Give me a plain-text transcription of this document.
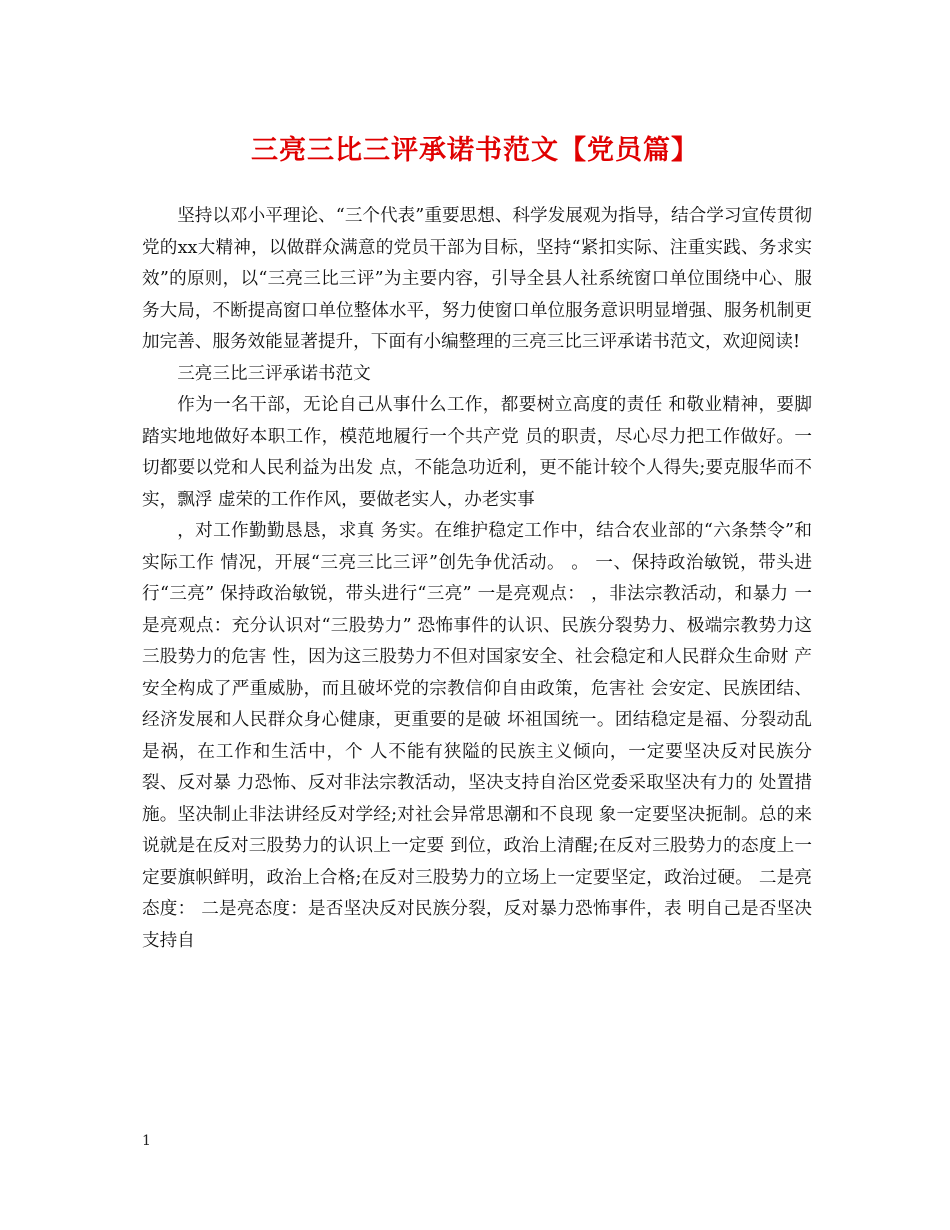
三亮三比三评承诺书范文【党员篇】

坚持以邓小平理论、“三个代表”重要思想、科学发展观为指导，结合学习宣传贯彻党的xx大精神，以做群众满意的党员干部为目标，坚持“紧扣实际、注重实践、务求实效”的原则，以“三亮三比三评”为主要内容，引导全县人社系统窗口单位围绕中心、服务大局，不断提高窗口单位整体水平，努力使窗口单位服务意识明显增强、服务机制更加完善、服务效能显著提升，下面有小编整理的三亮三比三评承诺书范文，欢迎阅读!

三亮三比三评承诺书范文

作为一名干部，无论自己从事什么工作，都要树立高度的责任 和敬业精神，要脚踏实地地做好本职工作，模范地履行一个共产党 员的职责，尽心尽力把工作做好。一切都要以党和人民利益为出发 点，不能急功近利，更不能计较个人得失;要克服华而不实，飘浮 虚荣的工作作风，要做老实人，办老实事

，对工作勤勤恳恳，求真 务实。在维护稳定工作中，结合农业部的“六条禁令”和实际工作 情况，开展“三亮三比三评”创先争优活动。 。 一、保持政治敏锐，带头进行“三亮” 保持政治敏锐，带头进行“三亮” 一是亮观点： ，非法宗教活动，和暴力 一是亮观点：充分认识对“三股势力” 恐怖事件的认识、民族分裂势力、极端宗教势力这三股势力的危害 性，因为这三股势力不但对国家安全、社会稳定和人民群众生命财 产安全构成了严重威胁，而且破坏党的宗教信仰自由政策，危害社 会安定、民族团结、经济发展和人民群众身心健康，更重要的是破 坏祖国统一。团结稳定是福、分裂动乱是祸，在工作和生活中，个 人不能有狭隘的民族主义倾向，一定要坚决反对民族分裂、反对暴 力恐怖、反对非法宗教活动，坚决支持自治区党委采取坚决有力的 处置措施。坚决制止非法讲经反对学经;对社会异常思潮和不良现 象一定要坚决扼制。总的来说就是在反对三股势力的认识上一定要 到位，政治上清醒;在反对三股势力的态度上一定要旗帜鲜明，政治上合格;在反对三股势力的立场上一定要坚定，政治过硬。 二是亮态度： 二是亮态度：是否坚决反对民族分裂，反对暴力恐怖事件，表 明自己是否坚决支持自

1
